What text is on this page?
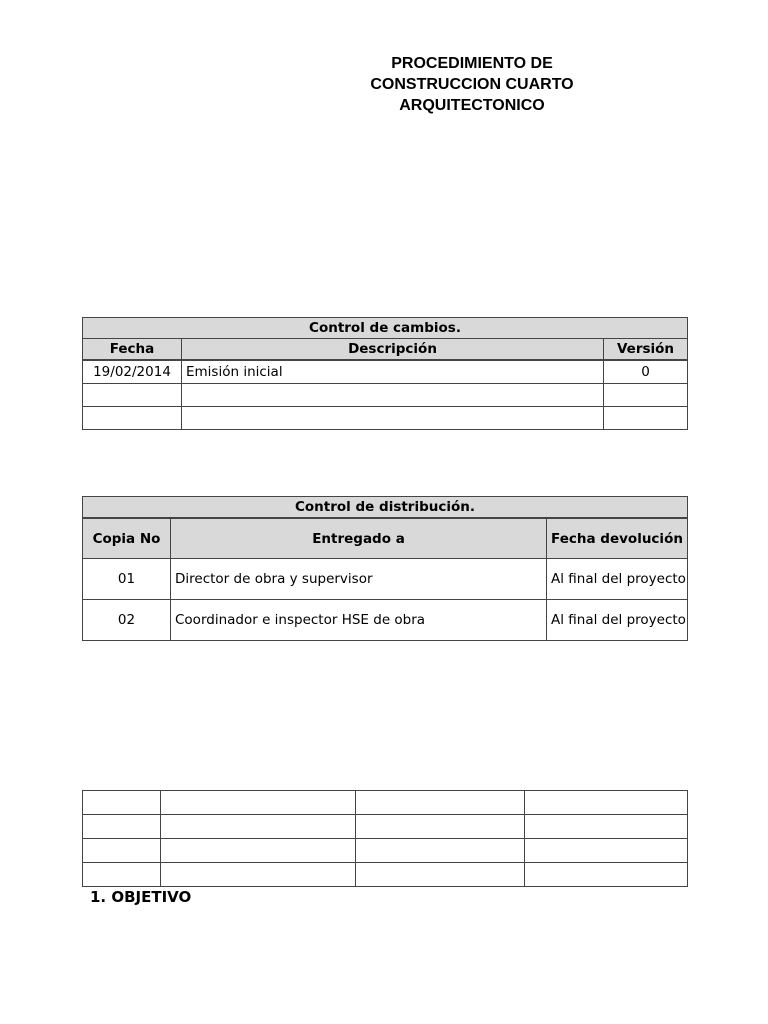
PROCEDIMIENTO DE
CONSTRUCCION CUARTO
ARQUITECTONICO
Control de cambios.		
Fecha	Descripción	Versión
19/02/2014	Emisión inicial	0

Control de distribución.		
Copia No	Entregado a	Fecha devolución
01	Director de obra y supervisor	Al final del proyecto
02	Coordinador e inspector HSE de obra	Al final del proyecto

1. OBJETIVO
